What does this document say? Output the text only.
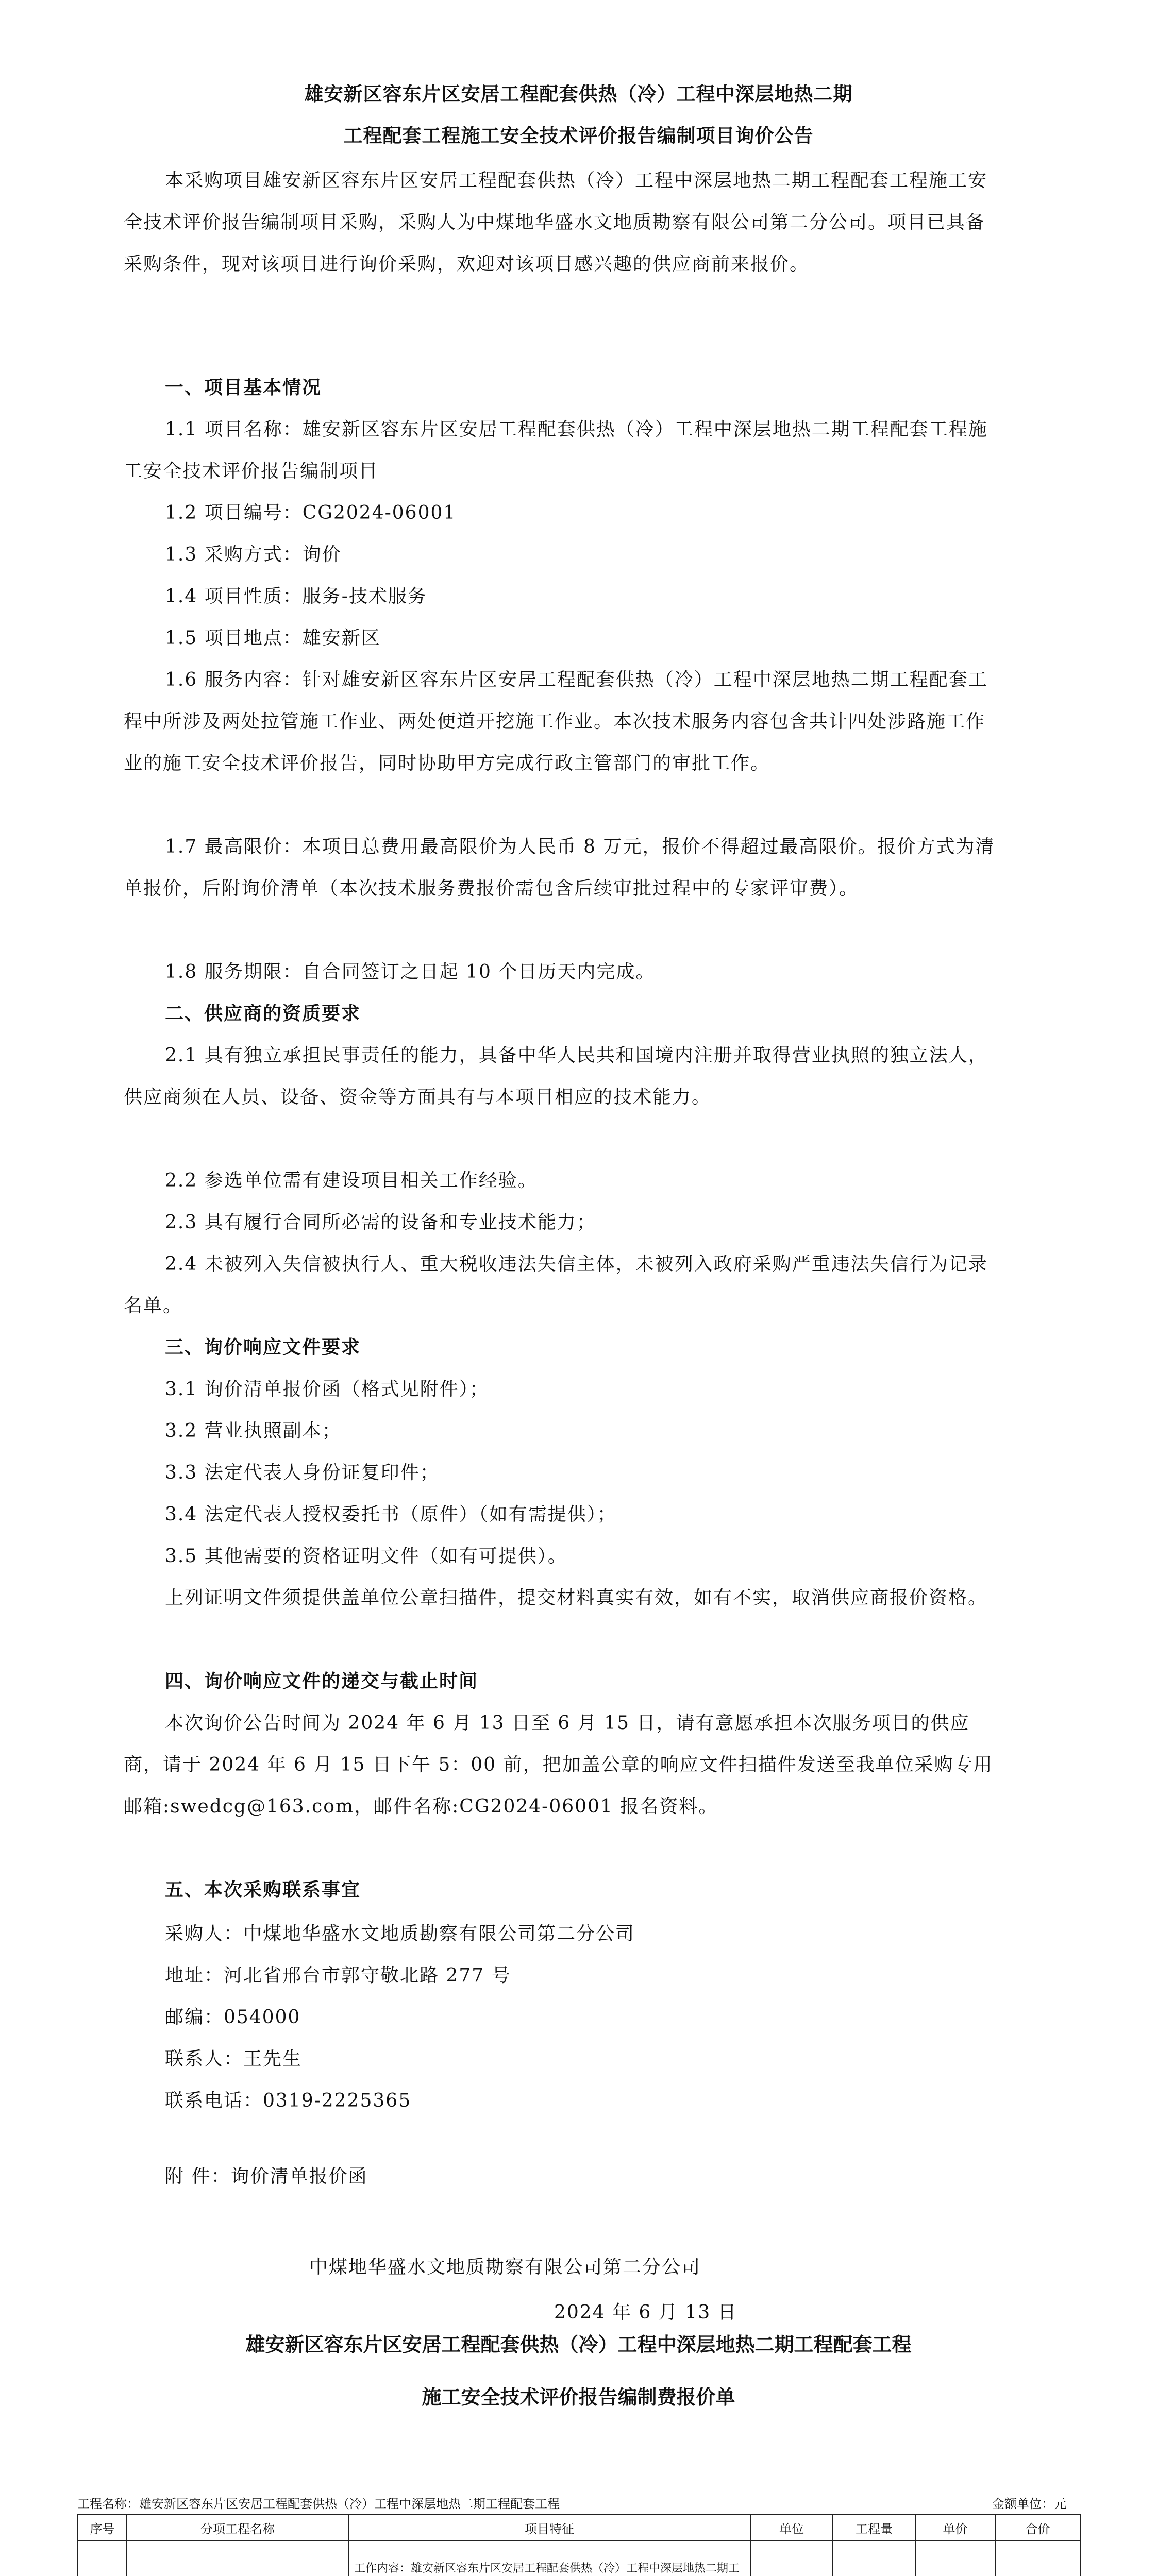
雄安新区容东片区安居工程配套供热（冷）工程中深层地热二期
工程配套工程施工安全技术评价报告编制项目询价公告

本采购项目雄安新区容东片区安居工程配套供热（冷）工程中深层地热二期工程配套工程施工安全技术评价报告编制项目采购，采购人为中煤地华盛水文地质勘察有限公司第二分公司。项目已具备采购条件，现对该项目进行询价采购，欢迎对该项目感兴趣的供应商前来报价。

一、项目基本情况

1.1 项目名称：雄安新区容东片区安居工程配套供热（冷）工程中深层地热二期工程配套工程施工安全技术评价报告编制项目

1.2 项目编号：CG2024-06001

1.3 采购方式：询价

1.4 项目性质：服务-技术服务

1.5 项目地点：雄安新区

1.6 服务内容：针对雄安新区容东片区安居工程配套供热（冷）工程中深层地热二期工程配套工程中所涉及两处拉管施工作业、两处便道开挖施工作业。本次技术服务内容包含共计四处涉路施工作业的施工安全技术评价报告，同时协助甲方完成行政主管部门的审批工作。

1.7 最高限价：本项目总费用最高限价为人民币 8 万元，报价不得超过最高限价。报价方式为清单报价，后附询价清单（本次技术服务费报价需包含后续审批过程中的专家评审费）。

1.8 服务期限：自合同签订之日起 10 个日历天内完成。

二、供应商的资质要求

2.1 具有独立承担民事责任的能力，具备中华人民共和国境内注册并取得营业执照的独立法人，供应商须在人员、设备、资金等方面具有与本项目相应的技术能力。

2.2 参选单位需有建设项目相关工作经验。

2.3 具有履行合同所必需的设备和专业技术能力；

2.4 未被列入失信被执行人、重大税收违法失信主体，未被列入政府采购严重违法失信行为记录名单。

三、询价响应文件要求

3.1 询价清单报价函（格式见附件）；

3.2 营业执照副本；

3.3 法定代表人身份证复印件；

3.4 法定代表人授权委托书（原件）（如有需提供）；

3.5 其他需要的资格证明文件（如有可提供）。

上列证明文件须提供盖单位公章扫描件，提交材料真实有效，如有不实，取消供应商报价资格。

四、询价响应文件的递交与截止时间

本次询价公告时间为 2024 年 6 月 13 日至 6 月 15 日，请有意愿承担本次服务项目的供应商，请于 2024 年 6 月 15 日下午 5：00 前，把加盖公章的响应文件扫描件发送至我单位采购专用邮箱:swedcg@163.com，邮件名称:CG2024-06001 报名资料。

五、本次采购联系事宜
采购人：中煤地华盛水文地质勘察有限公司第二分公司
地址：河北省邢台市郭守敬北路 277 号
邮编：054000
联系人：王先生
联系电话：0319-2225365
附 件：询价清单报价函
中煤地华盛水文地质勘察有限公司第二分公司
2024 年 6 月 13 日
雄安新区容东片区安居工程配套供热（冷）工程中深层地热二期工程配套工程
施工安全技术评价报告编制费报价单
工程名称：雄安新区容东片区安居工程配套供热（冷）工程中深层地热二期工程配套工程	金额单位：元
序号	分项工程名称	项目特征	单位	工程量	单价	合价
		工作内容：雄安新区容东片区安居工程配套供热（冷）工程中深层地热二期工				
